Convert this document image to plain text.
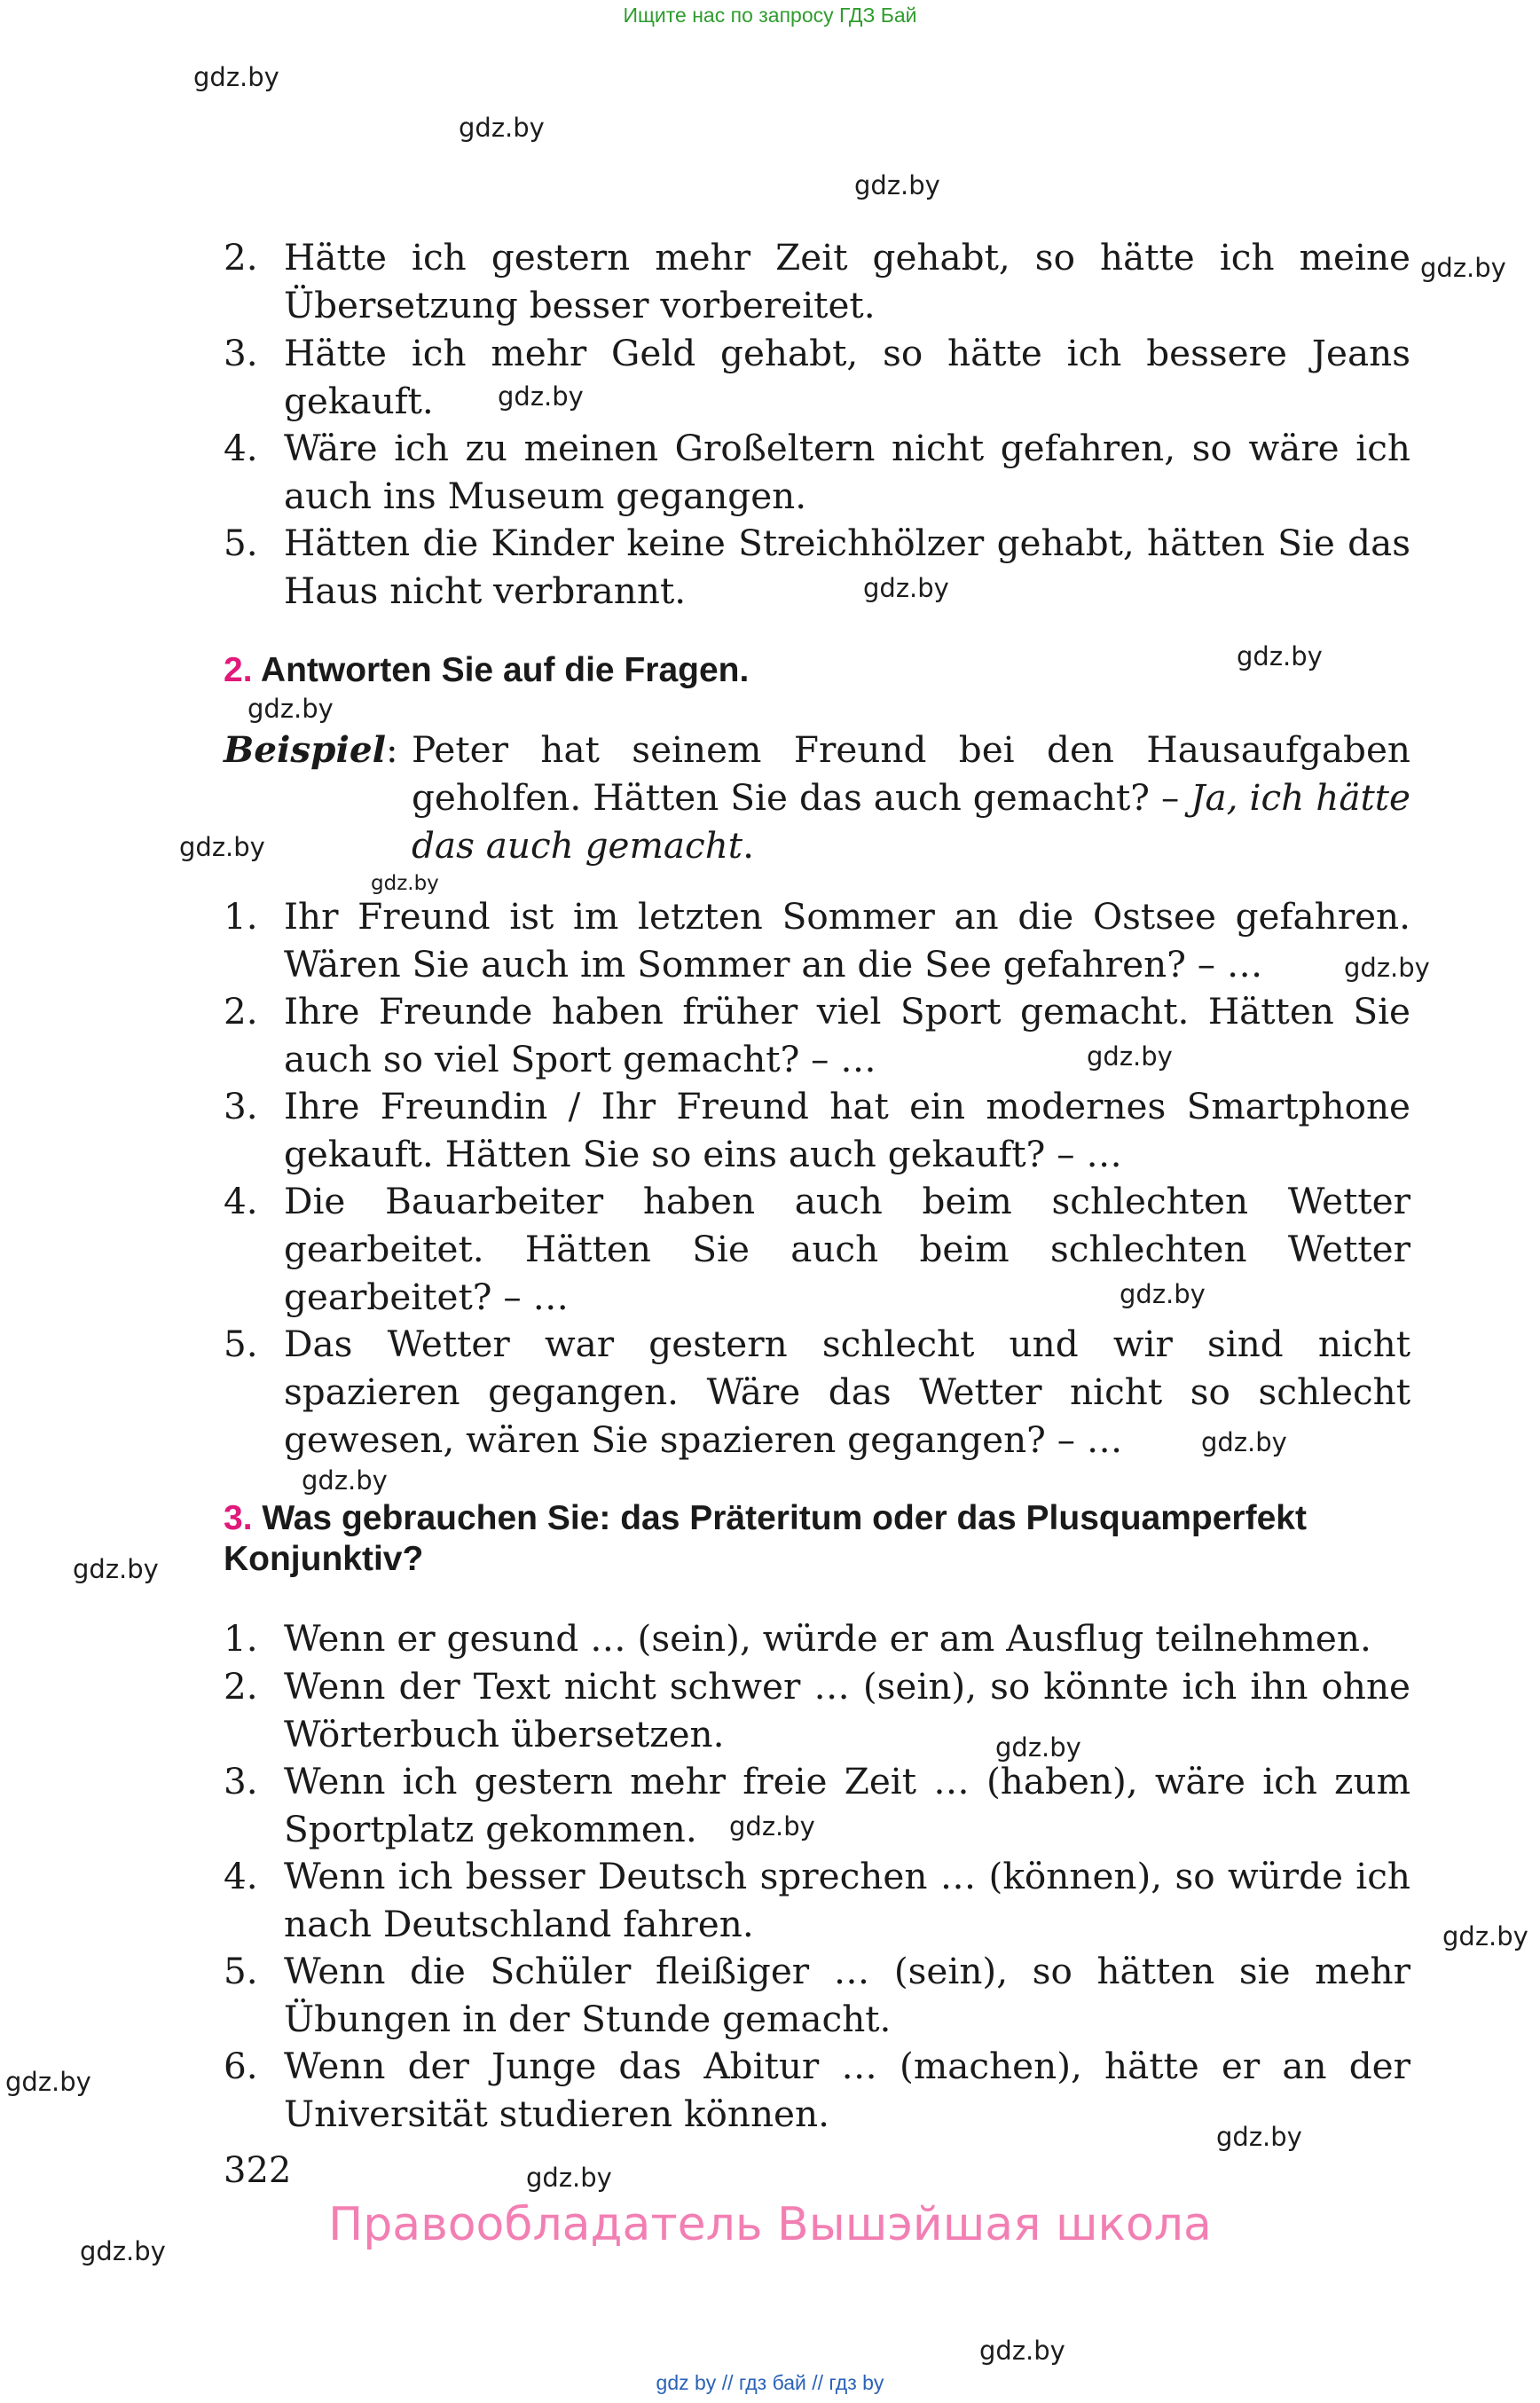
Ищите нас по запросу ГДЗ Бай
gdz.by
gdz.by
gdz.by
gdz.by
gdz.by
gdz.by
gdz.by
gdz.by
gdz.by
gdz.by
gdz.by
gdz.by
gdz.by
gdz.by
gdz.by
gdz.by
gdz.by
gdz.by
gdz.by
gdz.by
gdz.by
gdz.by
gdz.by
gdz.by
2. Hätte ich gestern mehr Zeit gehabt, so hätte ich meine Übersetzung besser vorbereitet.
3. Hätte ich mehr Geld gehabt, so hätte ich bessere Jeans gekauft.
4. Wäre ich zu meinen Großeltern nicht gefahren, so wäre ich auch ins Museum gegangen.
5. Hätten die Kinder keine Streichhölzer gehabt, hätten Sie das Haus nicht verbrannt.
2. Antworten Sie auf die Fragen.
Beispiel: Peter hat seinem Freund bei den Hausaufgaben geholfen. Hätten Sie das auch gemacht? – Ja, ich hätte das auch gemacht.
1. Ihr Freund ist im letzten Sommer an die Ostsee gefahren. Wären Sie auch im Sommer an die See gefahren? – …
2. Ihre Freunde haben früher viel Sport gemacht. Hätten Sie auch so viel Sport gemacht? – …
3. Ihre Freundin / Ihr Freund hat ein modernes Smartphone gekauft. Hätten Sie so eins auch gekauft? – …
4. Die Bauarbeiter haben auch beim schlechten Wetter gearbeitet. Hätten Sie auch beim schlechten Wetter gearbeitet? – …
5. Das Wetter war gestern schlecht und wir sind nicht spazieren gegangen. Wäre das Wetter nicht so schlecht gewesen, wären Sie spazieren gegangen? – …
3. Was gebrauchen Sie: das Präteritum oder das Plusquamperfekt
Konjunktiv?
1. Wenn er gesund … (sein), würde er am Ausflug teilnehmen.
2. Wenn der Text nicht schwer … (sein), so könnte ich ihn ohne Wörterbuch übersetzen.
3. Wenn ich gestern mehr freie Zeit … (haben), wäre ich zum Sportplatz gekommen.
4. Wenn ich besser Deutsch sprechen … (können), so würde ich nach Deutschland fahren.
5. Wenn die Schüler fleißiger … (sein), so hätten sie mehr Übungen in der Stunde gemacht.
6. Wenn der Junge das Abitur … (machen), hätte er an der Universität studieren können.
322
Правообладатель Вышэйшая школа
gdz by // гдз бай // гдз by
